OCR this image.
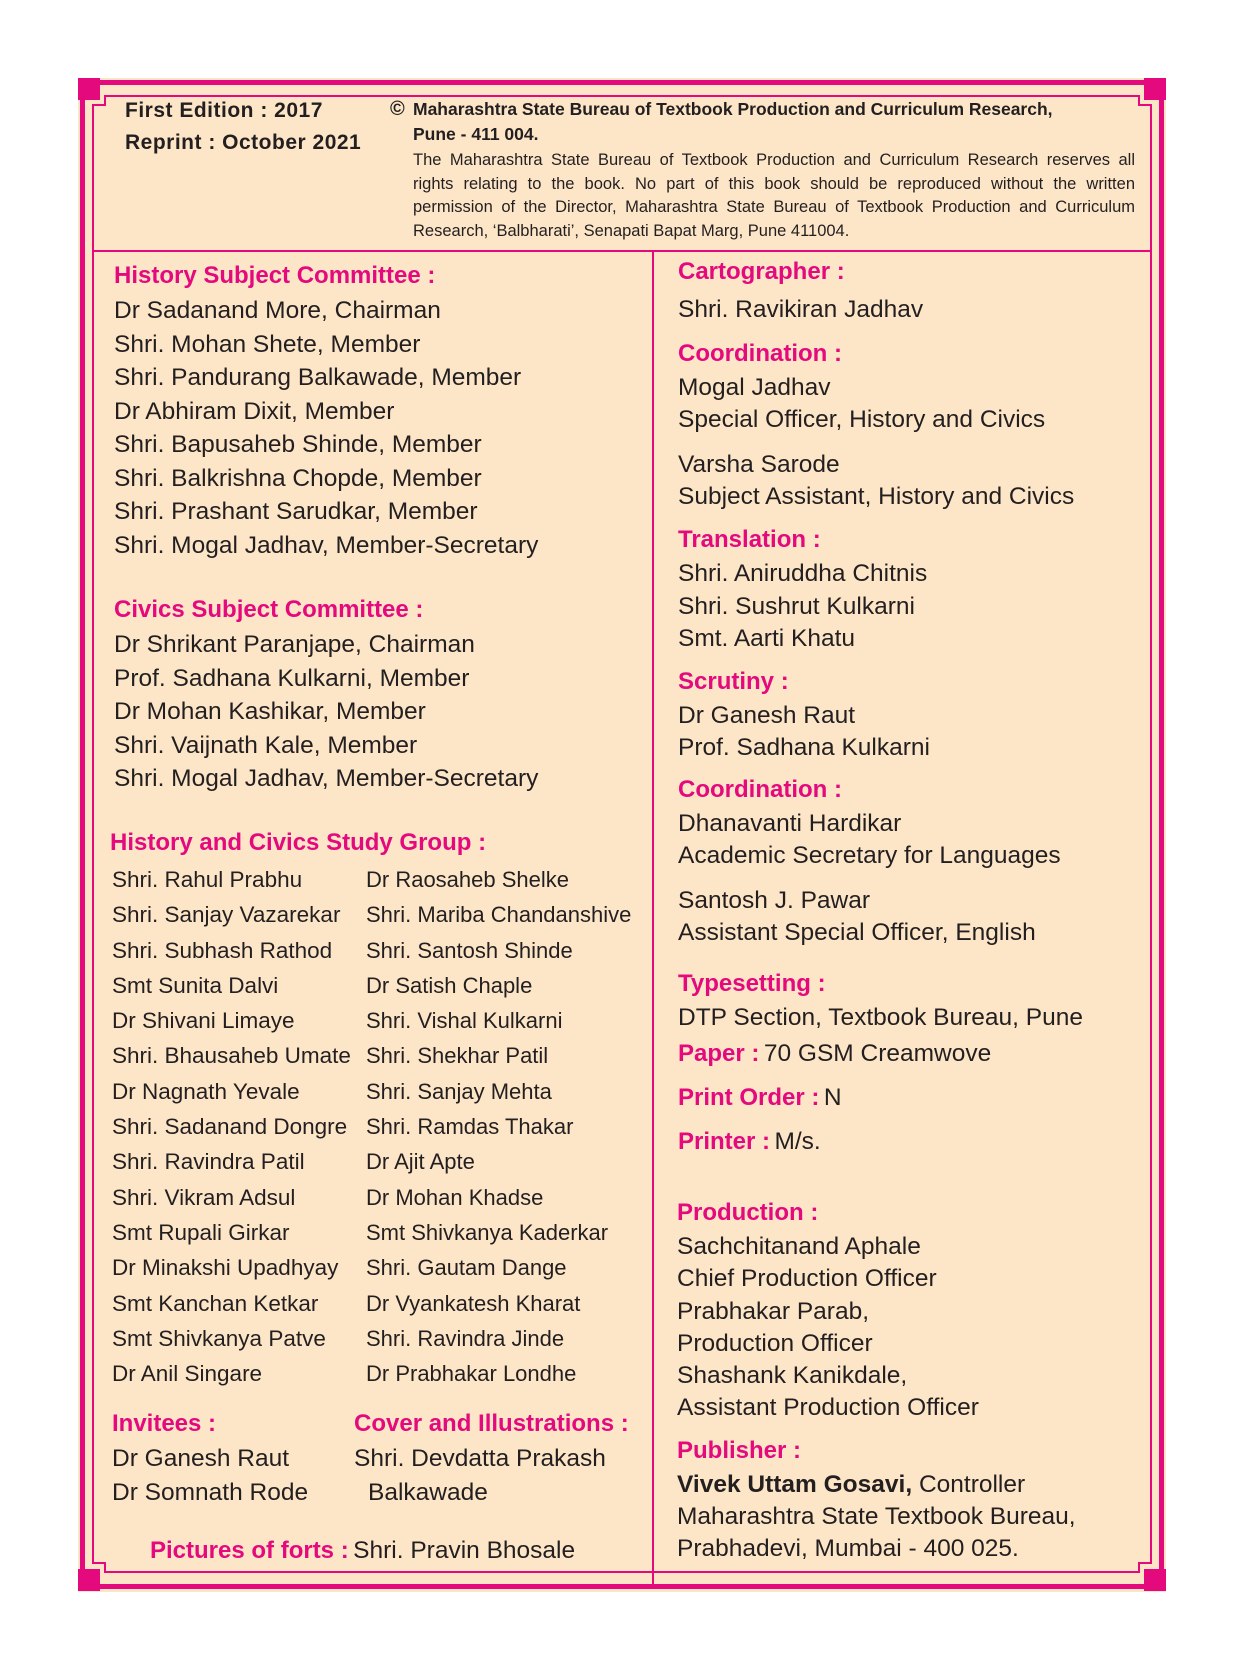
First Edition : 2017
Reprint : October 2021
© Maharashtra State Bureau of Textbook Production and Curriculum Research,
Pune - 411 004.
The Maharashtra State Bureau of Textbook Production and Curriculum Research reserves all rights relating to the book. No part of this book should be reproduced without the written permission of the Director, Maharashtra State Bureau of Textbook Production and Curriculum Research, ‘Balbharati’, Senapati Bapat Marg, Pune 411004.
History Subject Committee :
Dr Sadanand More, Chairman
Shri. Mohan Shete, Member
Shri. Pandurang Balkawade, Member
Dr Abhiram Dixit, Member
Shri. Bapusaheb Shinde, Member
Shri. Balkrishna Chopde, Member
Shri. Prashant Sarudkar, Member
Shri. Mogal Jadhav, Member-Secretary
Civics Subject Committee :
Dr Shrikant Paranjape, Chairman
Prof. Sadhana Kulkarni, Member
Dr Mohan Kashikar, Member
Shri. Vaijnath Kale, Member
Shri. Mogal Jadhav, Member-Secretary
History and Civics Study Group :
Shri. Rahul Prabhu
Shri. Sanjay Vazarekar
Shri. Subhash Rathod
Smt Sunita Dalvi
Dr Shivani Limaye
Shri. Bhausaheb Umate
Dr Nagnath Yevale
Shri. Sadanand Dongre
Shri. Ravindra Patil
Shri. Vikram Adsul
Smt Rupali Girkar
Dr Minakshi Upadhyay
Smt Kanchan Ketkar
Smt Shivkanya Patve
Dr Anil Singare
Dr Raosaheb Shelke
Shri. Mariba Chandanshive
Shri. Santosh Shinde
Dr Satish Chaple
Shri. Vishal Kulkarni
Shri. Shekhar Patil
Shri. Sanjay Mehta
Shri. Ramdas Thakar
Dr Ajit Apte
Dr Mohan Khadse
Smt Shivkanya Kaderkar
Shri. Gautam Dange
Dr Vyankatesh Kharat
Shri. Ravindra Jinde
Dr Prabhakar Londhe
Invitees :
Dr Ganesh Raut
Dr Somnath Rode
Cover and Illustrations :
Shri. Devdatta Prakash
Balkawade
Pictures of forts : Shri. Pravin Bhosale
Cartographer :
Shri. Ravikiran Jadhav
Coordination :
Mogal Jadhav
Special Officer, History and Civics
Varsha Sarode
Subject Assistant, History and Civics
Translation :
Shri. Aniruddha Chitnis
Shri. Sushrut Kulkarni
Smt. Aarti Khatu
Scrutiny :
Dr Ganesh Raut
Prof. Sadhana Kulkarni
Coordination :
Dhanavanti Hardikar
Academic Secretary for Languages
Santosh J. Pawar
Assistant Special Officer, English
Typesetting :
DTP Section, Textbook Bureau, Pune
Paper : 70 GSM Creamwove
Print Order : N
Printer : M/s.
Production :
Sachchitanand Aphale
Chief Production Officer
Prabhakar Parab,
Production Officer
Shashank Kanikdale,
Assistant Production Officer
Publisher :
Vivek Uttam Gosavi, Controller
Maharashtra State Textbook Bureau,
Prabhadevi, Mumbai - 400 025.
